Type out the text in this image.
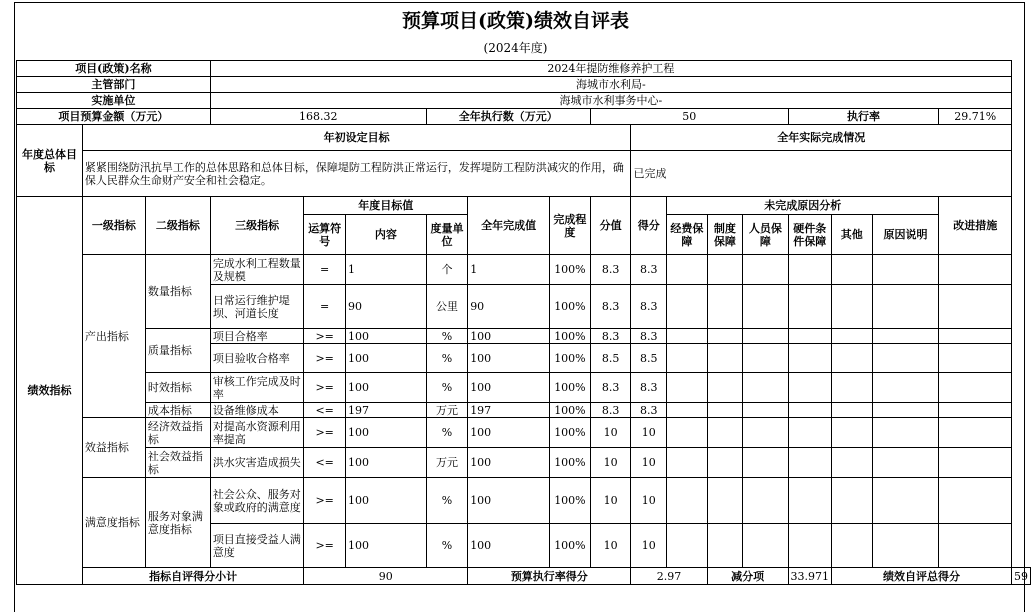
预算项目(政策)绩效自评表
(2024年度)
项目(政策)名称			2024年提防维修养护工程															
主管部门			海城市水利局-															
实施单位			海城市水利事务中心-															
项目预算金额（万元）			168.32			全年执行数（万元）			50					执行率			29.71%	
年度总体目标	年初设定目标									全年实际完成情况								
	紧紧围绕防汛抗旱工作的总体思路和总体目标，保障堤防工程防洪正常运行，发挥堤防工程防洪减灾的作用，确保人民群众生命财产安全和社会稳定。									已完成								
绩效指标	一级指标	二级指标	三级指标	年度目标值			全年完成值	完成程度	分值	得分	未完成原因分析						改进措施	
				运算符号	内容	度量单位					经费保障	制度保障	人员保障	硬件条件保障	其他	原因说明		
	产出指标	数量指标	完成水利工程数量及规模	=	1	个	1	100%	8.3	8.3								
			日常运行维护堤坝、河道长度	=	90	公里	90	100%	8.3	8.3								
		质量指标	项目合格率	>=	100	%	100	100%	8.3	8.3								
			项目验收合格率	>=	100	%	100	100%	8.5	8.5								
		时效指标	审核工作完成及时率	>=	100	%	100	100%	8.3	8.3								
		成本指标	设备维修成本	<=	197	万元	197	100%	8.3	8.3								
	效益指标	经济效益指标	对提高水资源利用率提高	>=	100	%	100	100%	10	10								
		社会效益指标	洪水灾害造成损失	<=	100	万元	100	100%	10	10								
	满意度指标	服务对象满意度指标	社会公众、服务对象或政府的满意度	>=	100	%	100	100%	10	10								
			项目直接受益人满意度	>=	100	%	100	100%	10	10								
	指标自评得分小计			90			预算执行率得分			2.97		减分项		33.971	绩效自评总得分			59
